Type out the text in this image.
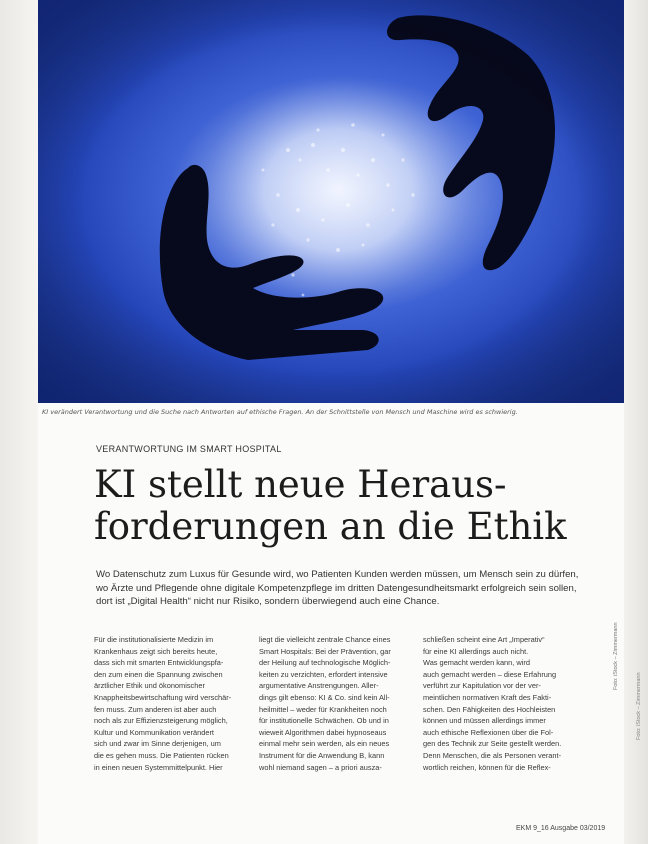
KI verändert Verantwortung und die Suche nach Antworten auf ethische Fragen. An der Schnittstelle von Mensch und Maschine wird es schwierig.
VERANTWORTUNG IM SMART HOSPITAL
KI stellt neue Heraus-
forderungen an die Ethik
Wo Datenschutz zum Luxus für Gesunde wird, wo Patienten Kunden werden müssen, um Mensch sein zu dürfen,
wo Ärzte und Pflegende ohne digitale Kompetenzpflege im dritten Datengesundheitsmarkt erfolgreich sein sollen,
dort ist „Digital Health“ nicht nur Risiko, sondern überwiegend auch eine Chance.
Für die institutionalisierte Medizin im
Krankenhaus zeigt sich bereits heute,
dass sich mit smarten Entwicklungspfa-
den zum einen die Spannung zwischen
ärztlicher Ethik und ökonomischer
Knappheitsbewirtschaftung wird verschär-
fen muss. Zum anderen ist aber auch
noch als zur Effizienzsteigerung möglich,
Kultur und Kommunikation verändert
sich und zwar im Sinne derjenigen, um
die es gehen muss. Die Patienten rücken
in einen neuen Systemmittelpunkt. Hier
liegt die vielleicht zentrale Chance eines
Smart Hospitals: Bei der Prävention, gar
der Heilung auf technologische Möglich-
keiten zu verzichten, erfordert intensive
argumentative Anstrengungen. Aller-
dings gilt ebenso: KI & Co. sind kein All-
heilmittel – weder für Krankheiten noch
für institutionelle Schwächen. Ob und in
wieweit Algorithmen dabei hypnoseaus
einmal mehr sein werden, als ein neues
Instrument für die Anwendung B, kann
wohl niemand sagen – a priori ausza-
schließen scheint eine Art „Imperativ“
für eine KI allerdings auch nicht.
Was gemacht werden kann, wird
auch gemacht werden – diese Erfahrung
verführt zur Kapitulation vor der ver-
meintlichen normativen Kraft des Fakti-
schen. Den Fähigkeiten des Hochleisten
können und müssen allerdings immer
auch ethische Reflexionen über die Fol-
gen des Technik zur Seite gestellt werden.
Denn Menschen, die als Personen verant-
wortlich reichen, können für die Reflex-
EKM 9_16 Ausgabe 03/2019
Foto: iStock – Zimmermann
Foto: iStock – Zimmermann
